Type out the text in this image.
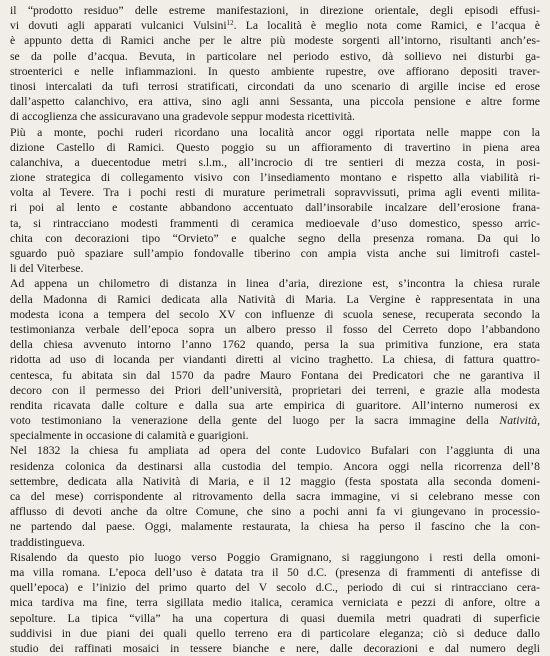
il “prodotto residuo” delle estreme manifestazioni, in direzione orientale, degli episodi effusi-
vi dovuti agli apparati vulcanici Vulsini$^{12}$. La località è meglio nota come Ramici, e l’acqua è
è appunto detta di Ramici anche per le altre più modeste sorgenti all’intorno, risultanti anch’es-
se da polle d’acqua. Bevuta, in particolare nel periodo estivo, dà sollievo nei disturbi ga-
stroenterici e nelle infiammazioni. In questo ambiente rupestre, ove affiorano depositi traver-
tinosi intercalati da tufi terrosi stratificati, circondati da uno scenario di argille incise ed erose
dall’aspetto calanchivo, era attiva, sino agli anni Sessanta, una piccola pensione e altre forme
di accoglienza che assicuravano una gradevole seppur modesta ricettività.
Più a monte, pochi ruderi ricordano una località ancor oggi riportata nelle mappe con la
dizione Castello di Ramici. Questo poggio su un affioramento di travertino in piena area
calanchiva, a duecentodue metri s.l.m., all’incrocio di tre sentieri di mezza costa, in posi-
zione strategica di collegamento visivo con l’insediamento montano e rispetto alla viabilità ri-
volta al Tevere. Tra i pochi resti di murature perimetrali sopravvissuti, prima agli eventi milita-
ri poi al lento e costante abbandono accentuato dall’insorabile incalzare dell’erosione frana-
ta, si rintracciano modesti frammenti di ceramica medioevale d’uso domestico, spesso arric-
chita con decorazioni tipo “Orvieto” e qualche segno della presenza romana. Da qui lo
sguardo può spaziare sull’ampio fondovalle tiberino con ampia vista anche sui limitrofi castel-
li del Viterbese.
Ad appena un chilometro di distanza in linea d’aria, direzione est, s’incontra la chiesa rurale
della Madonna di Ramici dedicata alla Natività di Maria. La Vergine è rappresentata in una
modesta icona a tempera del secolo XV con influenze di scuola senese, recuperata secondo la
testimonianza verbale dell’epoca sopra un albero presso il fosso del Cerreto dopo l’abbandono
della chiesa avvenuto intorno l’anno 1762 quando, persa la sua primitiva funzione, era stata
ridotta ad uso di locanda per viandanti diretti al vicino traghetto. La chiesa, di fattura quattro-
centesca, fu abitata sin dal 1570 da padre Mauro Fontana dei Predicatori che ne garantiva il
decoro con il permesso dei Priori dell’università, proprietari dei terreni, e grazie alla modesta
rendita ricavata dalle colture e dalla sua arte empirica di guaritore. All’interno numerosi ex
voto testimoniano la venerazione della gente del luogo per la sacra immagine della Natività,
specialmente in occasione di calamità e guarigioni.
Nel 1832 la chiesa fu ampliata ad opera del conte Ludovico Bufalari con l’aggiunta di una
residenza colonica da destinarsi alla custodia del tempio. Ancora oggi nella ricorrenza dell’8
settembre, dedicata alla Natività di Maria, e il 12 maggio (festa spostata alla seconda domeni-
ca del mese) corrispondente al ritrovamento della sacra immagine, vi si celebrano messe con
afflusso di devoti anche da oltre Comune, che sino a pochi anni fa vi giungevano in processio-
ne partendo dal paese. Oggi, malamente restaurata, la chiesa ha perso il fascino che la con-
traddistingueva.
Risalendo da questo pio luogo verso Poggio Gramignano, si raggiungono i resti della omoni-
ma villa romana. L’epoca dell’uso è datata tra il 50 d.C. (presenza di frammenti di antefisse di
quell’epoca) e l’inizio del primo quarto del V secolo d.C., periodo di cui si rintracciano cera-
mica tardiva ma fine, terra sigillata medio italica, ceramica verniciata e pezzi di anfore, oltre a
sepolture. La tipica “villa” ha una copertura di quasi duemila metri quadrati di superficie
suddivisi in due piani dei quali quello terreno era di particolare eleganza; ciò si deduce dallo
studio dei raffinati mosaici in tessere bianche e nere, dalle decorazioni e dal numero degli
